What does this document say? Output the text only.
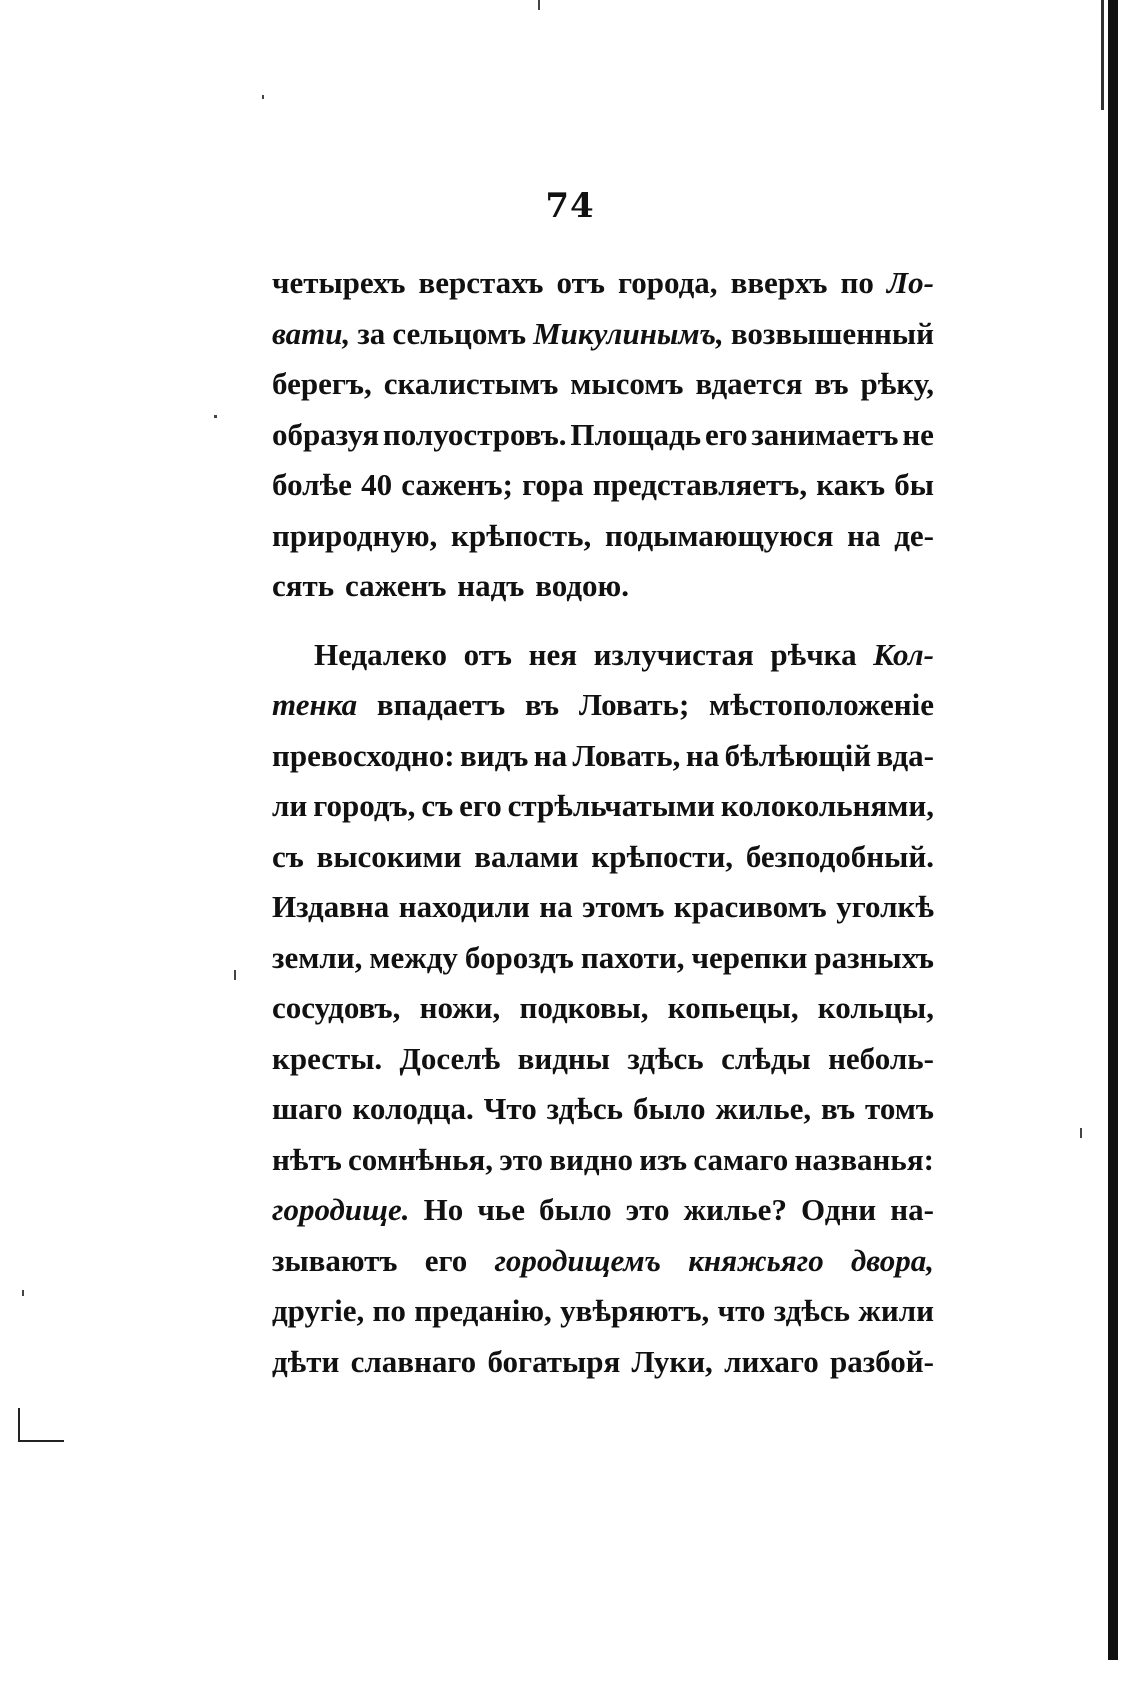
74
четырехъ верстахъ отъ города, вверхъ по Ло-
вати, за сельцомъ Микулинымъ, возвышенный
берегъ, скалистымъ мысомъ вдается въ рѣку,
образуя полуостровъ. Площадь его занимаетъ не
болѣе 40 саженъ; гора представляетъ, какъ бы
природную, крѣпость, подымающуюся на де-
сять саженъ надъ водою.
Недалеко отъ нея излучистая рѣчка Кол-
тенка впадаетъ въ Ловать; мѣстоположеніе
превосходно: видъ на Ловать, на бѣлѣющій вда-
ли городъ, съ его стрѣльчатыми колокольнями,
съ высокими валами крѣпости, безподобный.
Издавна находили на этомъ красивомъ уголкѣ
земли, между бороздъ пахоти, черепки разныхъ
сосудовъ, ножи, подковы, копьецы, кольцы,
кресты. Доселѣ видны здѣсь слѣды неболь-
шаго колодца. Что здѣсь было жилье, въ томъ
нѣтъ сомнѣнья, это видно изъ самаго названья:
городище. Но чье было это жилье? Одни на-
зываютъ его городищемъ княжьяго двора,
другіе, по преданію, увѣряютъ, что здѣсь жили
дѣти славнаго богатыря Луки, лихаго разбой-
